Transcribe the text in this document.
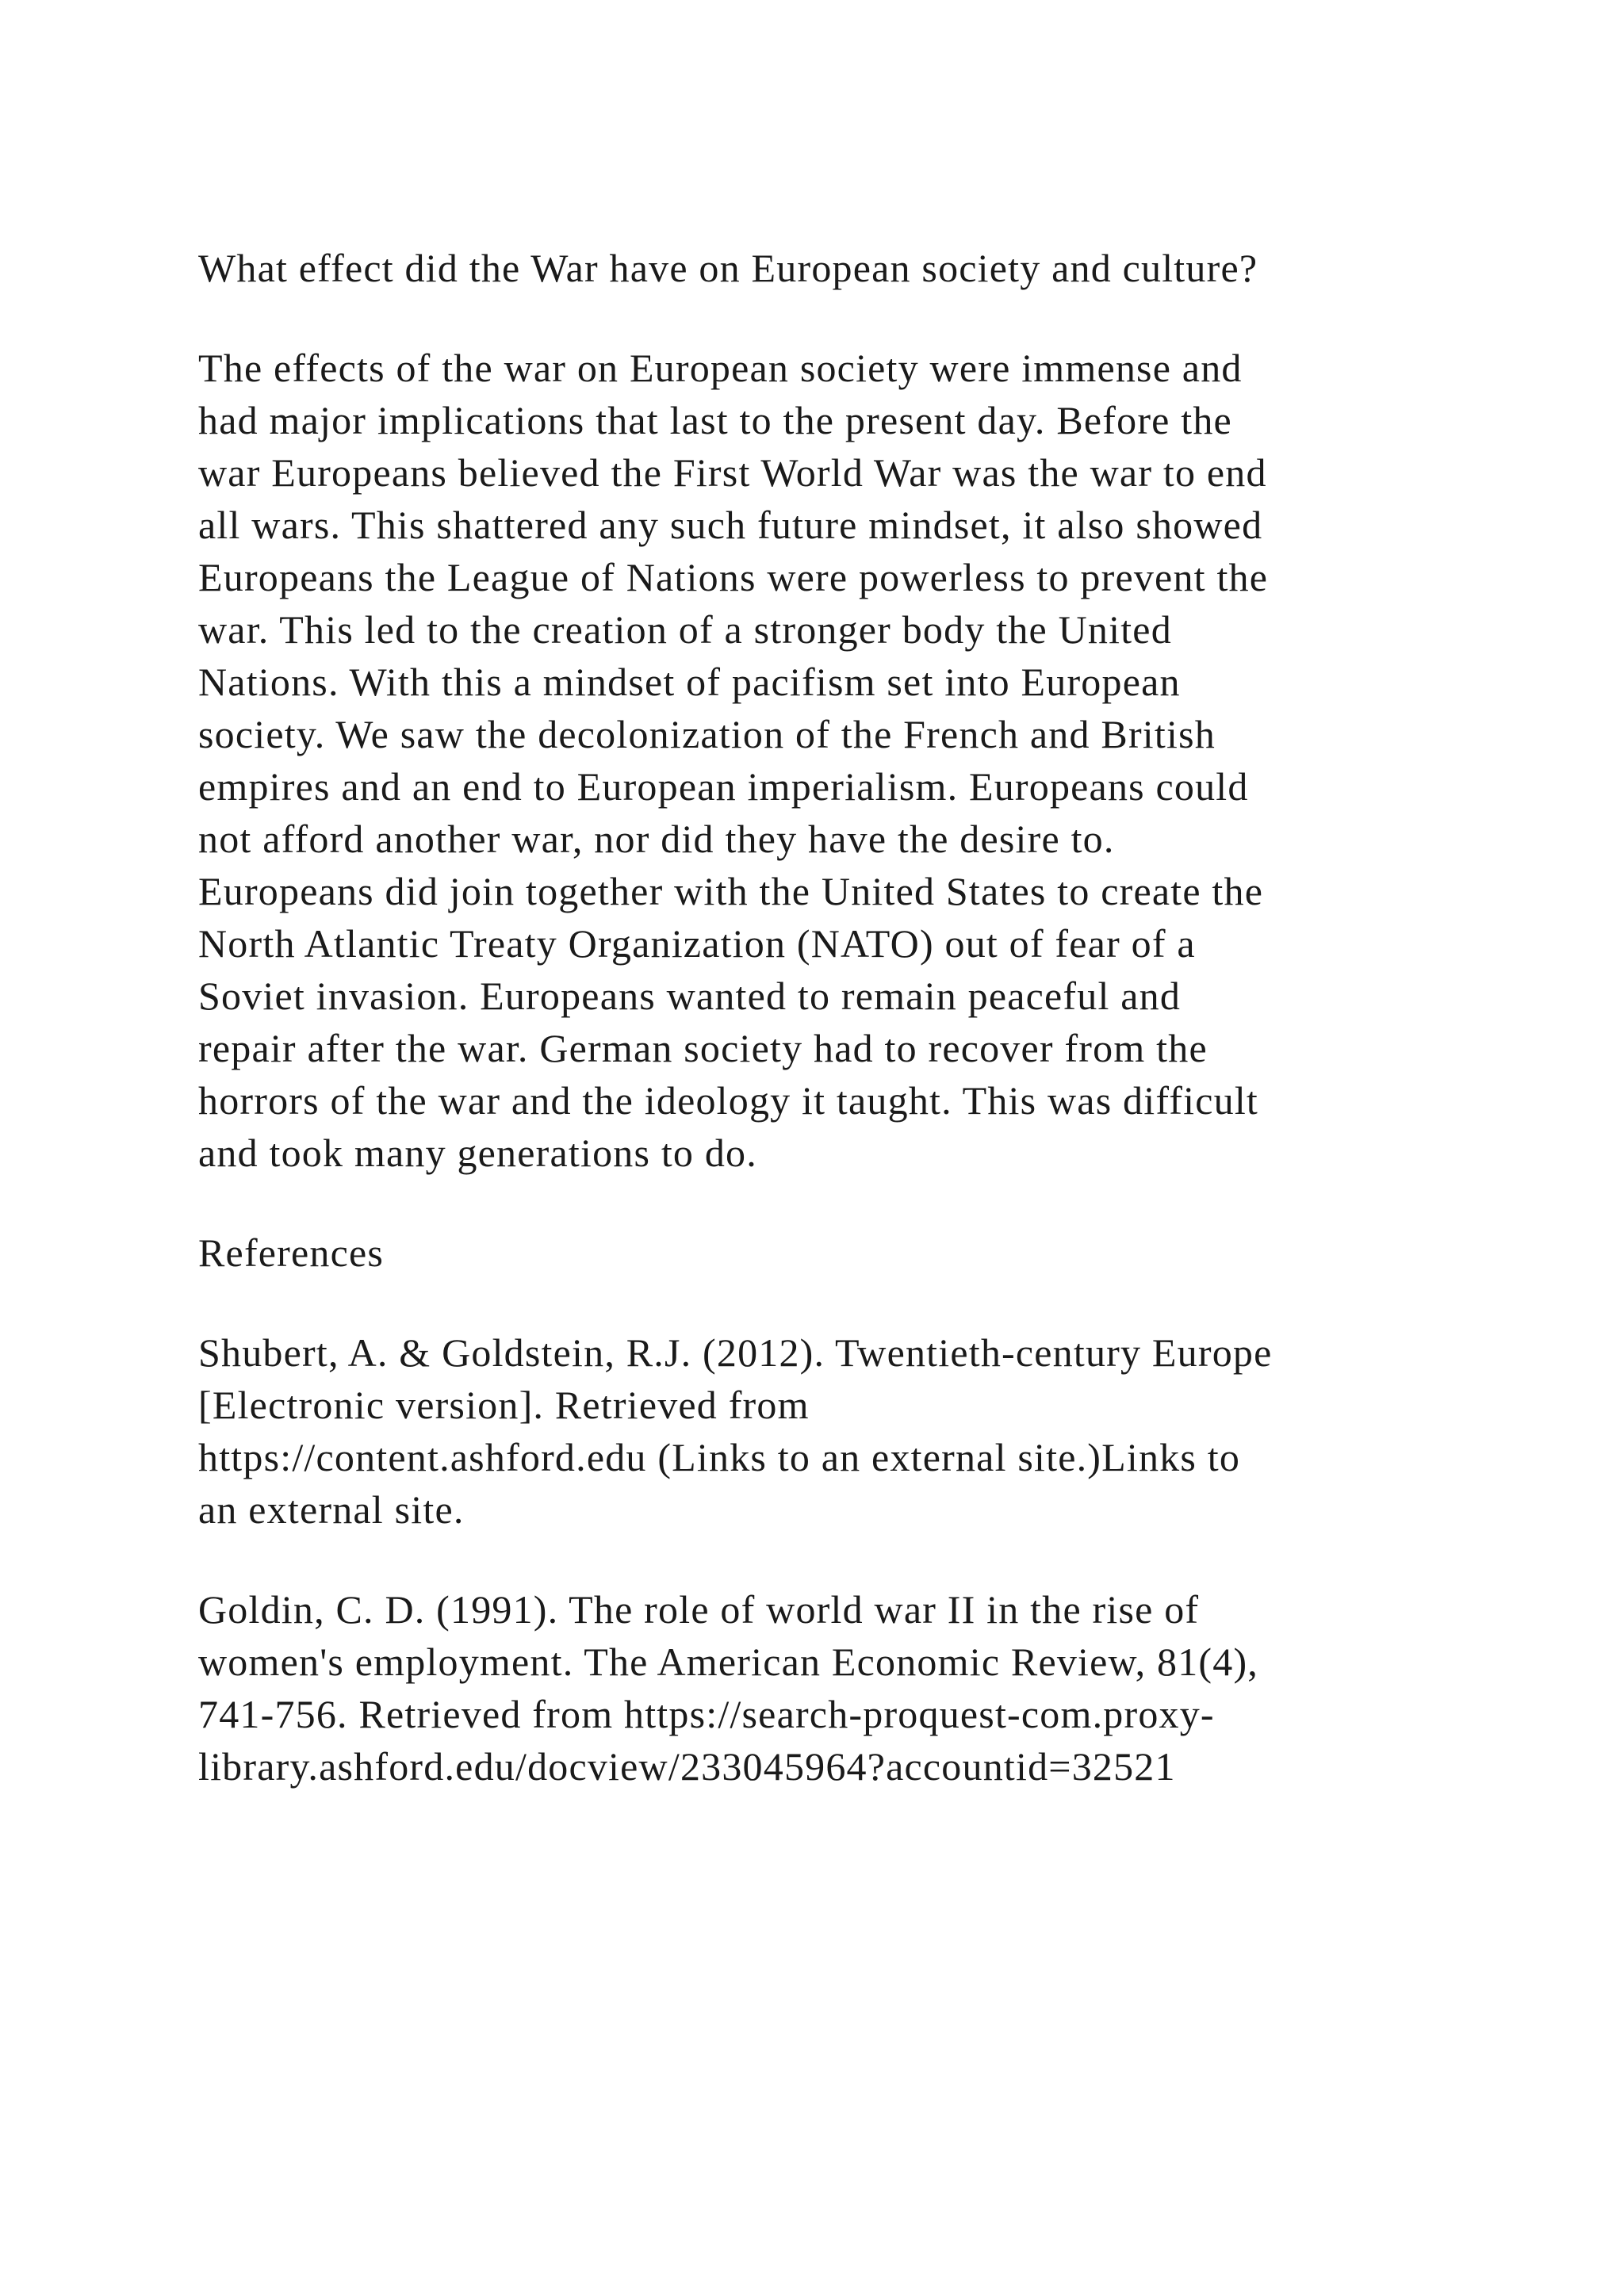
What effect did the War have on European society and culture?

The effects of the war on European society were immense and
had major implications that last to the present day. Before the
war Europeans believed the First World War was the war to end
all wars. This shattered any such future mindset, it also showed
Europeans the League of Nations were powerless to prevent the
war. This led to the creation of a stronger body the United
Nations. With this a mindset of pacifism set into European
society. We saw the decolonization of the French and British
empires and an end to European imperialism. Europeans could
not afford another war, nor did they have the desire to.
Europeans did join together with the United States to create the
North Atlantic Treaty Organization (NATO) out of fear of a
Soviet invasion. Europeans wanted to remain peaceful and
repair after the war. German society had to recover from the
horrors of the war and the ideology it taught. This was difficult
and took many generations to do.

References

Shubert, A. & Goldstein, R.J. (2012). Twentieth-century Europe
[Electronic version]. Retrieved from
https://content.ashford.edu (Links to an external site.)Links to
an external site.

Goldin, C. D. (1991). The role of world war II in the rise of
women's employment. The American Economic Review, 81(4),
741-756. Retrieved from https://search-proquest-com.proxy-
library.ashford.edu/docview/233045964?accountid=32521
